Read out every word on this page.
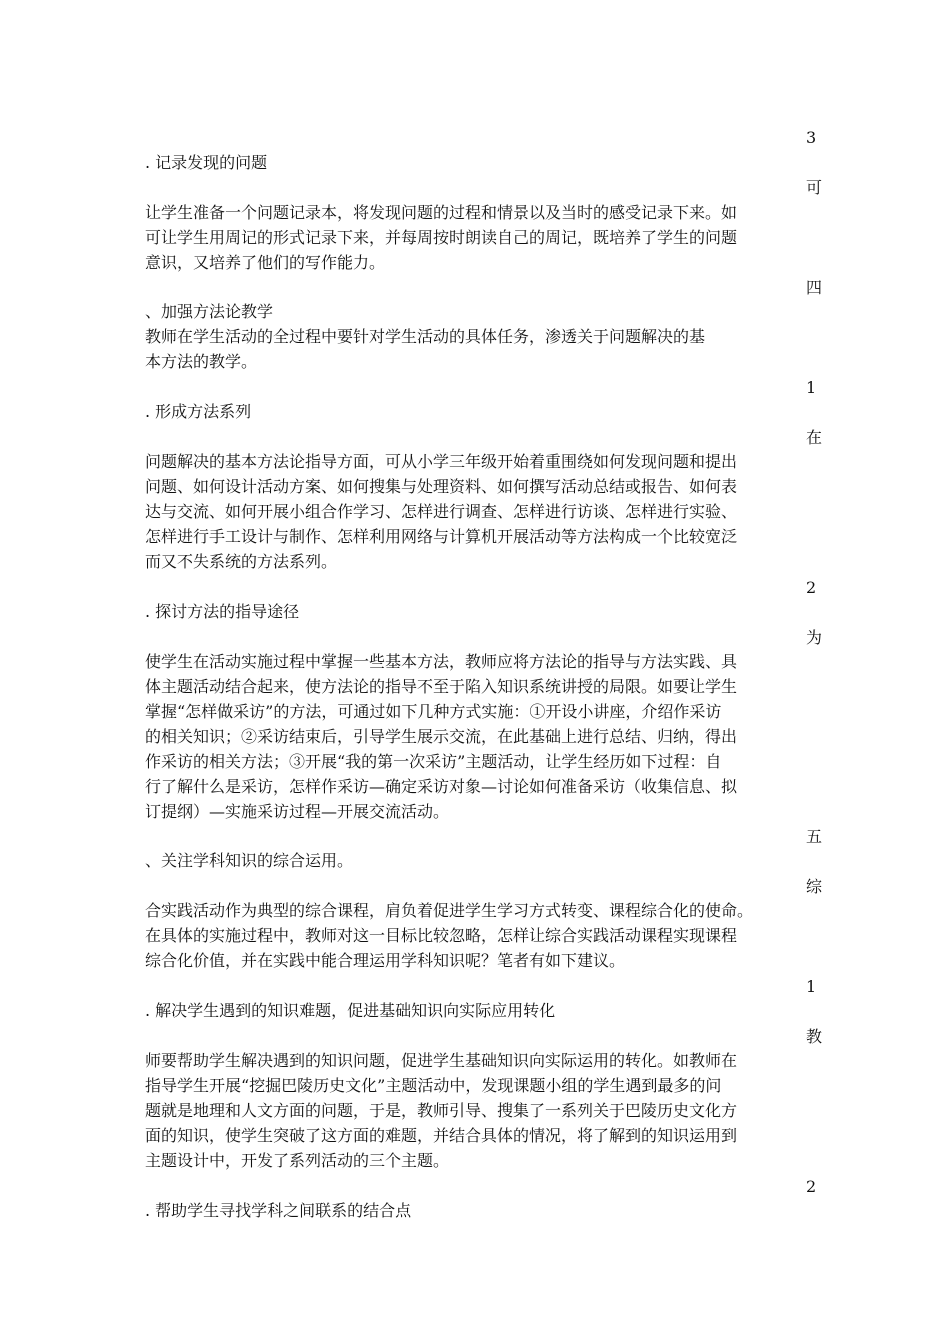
3
可
四
1
在
2
为
五
综
1
教
2
. 记录发现的问题
让学生准备一个问题记录本，将发现问题的过程和情景以及当时的感受记录下来。如
可让学生用周记的形式记录下来，并每周按时朗读自己的周记，既培养了学生的问题
意识，又培养了他们的写作能力。
、加强方法论教学
教师在学生活动的全过程中要针对学生活动的具体任务，渗透关于问题解决的基
本方法的教学。
. 形成方法系列
问题解决的基本方法论指导方面，可从小学三年级开始着重围绕如何发现问题和提出
问题、如何设计活动方案、如何搜集与处理资料、如何撰写活动总结或报告、如何表
达与交流、如何开展小组合作学习、怎样进行调查、怎样进行访谈、怎样进行实验、
怎样进行手工设计与制作、怎样利用网络与计算机开展活动等方法构成一个比较宽泛
而又不失系统的方法系列。
. 探讨方法的指导途径
使学生在活动实施过程中掌握一些基本方法，教师应将方法论的指导与方法实践、具
体主题活动结合起来，使方法论的指导不至于陷入知识系统讲授的局限。如要让学生
掌握“怎样做采访”的方法，可通过如下几种方式实施：①开设小讲座，介绍作采访
的相关知识；②采访结束后，引导学生展示交流，在此基础上进行总结、归纳，得出
作采访的相关方法；③开展“我的第一次采访”主题活动，让学生经历如下过程：自
行了解什么是采访，怎样作采访—确定采访对象—讨论如何准备采访（收集信息、拟
订提纲）—实施采访过程—开展交流活动。
、关注学科知识的综合运用。
合实践活动作为典型的综合课程，肩负着促进学生学习方式转变、课程综合化的使命。
在具体的实施过程中，教师对这一目标比较忽略，怎样让综合实践活动课程实现课程
综合化价值，并在实践中能合理运用学科知识呢？笔者有如下建议。
. 解决学生遇到的知识难题，促进基础知识向实际应用转化
师要帮助学生解决遇到的知识问题，促进学生基础知识向实际运用的转化。如教师在
指导学生开展“挖掘巴陵历史文化”主题活动中，发现课题小组的学生遇到最多的问
题就是地理和人文方面的问题，于是，教师引导、搜集了一系列关于巴陵历史文化方
面的知识，使学生突破了这方面的难题，并结合具体的情况，将了解到的知识运用到
主题设计中，开发了系列活动的三个主题。
. 帮助学生寻找学科之间联系的结合点
